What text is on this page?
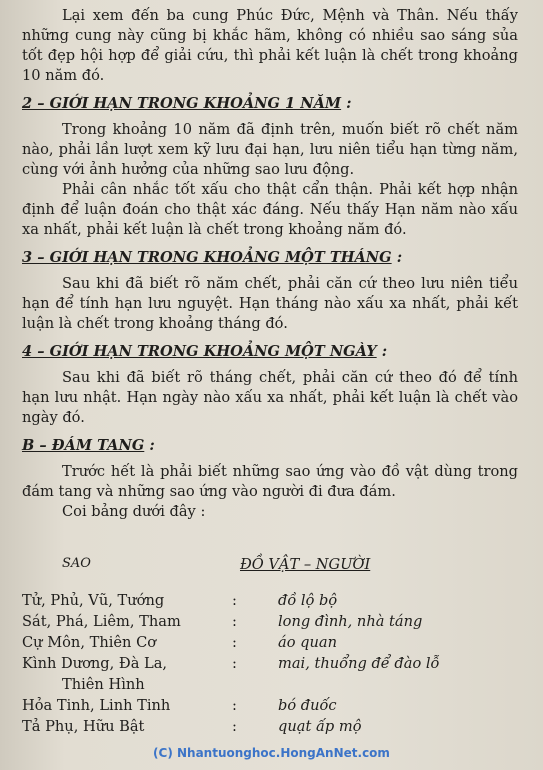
Lại xem đến ba cung Phúc Đức, Mệnh và Thân. Nếu thấy những cung này cũng bị khắc hãm, không có nhiều sao sáng sủa tốt đẹp hội hợp để giải cứu, thì phải kết luận là chết trong khoảng 10 năm đó.

2 – GIỚI HẠN TRONG KHOẢNG 1 NĂM :

Trong khoảng 10 năm đã định trên, muốn biết rõ chết năm nào, phải lần lượt xem kỹ lưu đại hạn, lưu niên tiểu hạn từng năm, cùng với ảnh hưởng của những sao lưu động.

Phải cân nhắc tốt xấu cho thật cẩn thận. Phải kết hợp nhận định để luận đoán cho thật xác đáng. Nếu thấy Hạn năm nào xấu xa nhất, phải kết luận là chết trong khoảng năm đó.

3 – GIỚI HẠN TRONG KHOẢNG MỘT THÁNG :

Sau khi đã biết rõ năm chết, phải căn cứ theo lưu niên tiểu hạn để tính hạn lưu nguyệt. Hạn tháng nào xấu xa nhất, phải kết luận là chết trong khoảng tháng đó.

4 – GIỚI HẠN TRONG KHOẢNG MỘT NGÀY :

Sau khi đã biết rõ tháng chết, phải căn cứ theo đó để tính hạn lưu nhật. Hạn ngày nào xấu xa nhất, phải kết luận là chết vào ngày đó.

B – ĐÁM TANG :

Trước hết là phải biết những sao ứng vào đồ vật dùng trong đám tang và những sao ứng vào người đi đưa đám.

Coi bảng dưới đây :

SAO	ĐỒ VẬT – NGƯỜI
Tử, Phủ, Vũ, Tướng	:	đồ lộ bộ
Sát, Phá, Liêm, Tham	:	long đình, nhà táng
Cự Môn, Thiên Cơ	:	áo quan
Kình Dương, Đà La,	:	mai, thuổng để đào lỗ
Thiên Hình
Hỏa Tinh, Linh Tinh	:	bó đuốc
Tả Phụ, Hữu Bật	:	quạt ấp mộ
(C) Nhantuonghoc.HongAnNet.com
